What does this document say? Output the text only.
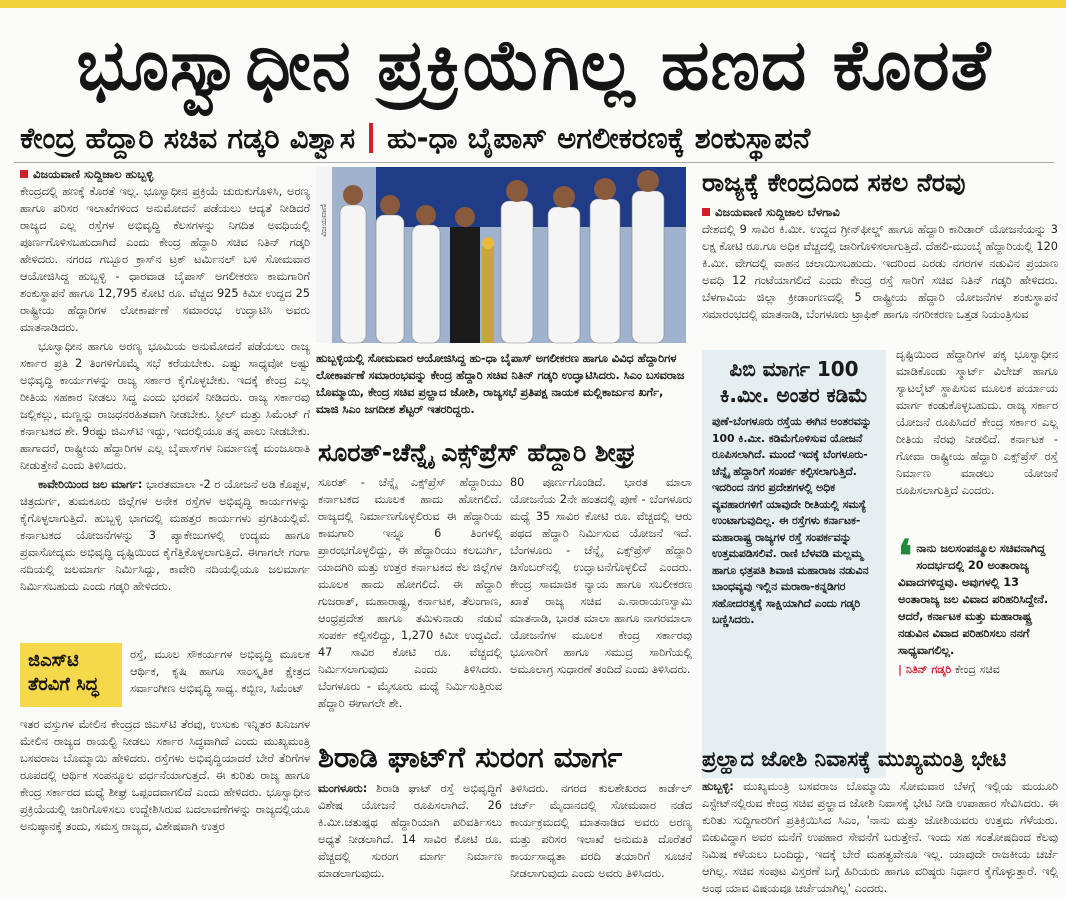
ಭೂಸ್ವಾಧೀನ ಪ್ರಕ್ರಿಯೆಗಿಲ್ಲ ಹಣದ ಕೊರತೆ
ಕೇಂದ್ರ ಹೆದ್ದಾರಿ ಸಚಿವ ಗಡ್ಕರಿ ವಿಶ್ವಾಸ ಹು-ಧಾ ಬೈಪಾಸ್ ಅಗಲೀಕರಣಕ್ಕೆ ಶಂಕುಸ್ಥಾಪನೆ
ವಿಜಯವಾಣಿ ಸುದ್ದಿಜಾಲ ಹುಬ್ಬಳ್ಳಿ

ಕೇಂದ್ರದಲ್ಲಿ ಹಣಕ್ಕೆ ಕೊರತೆ ಇಲ್ಲ. ಭೂಸ್ವಾಧೀನ ಪ್ರಕ್ರಿಯೆ ಚುರುಕುಗೊಳಿಸಿ, ಅರಣ್ಯ ಹಾಗೂ ಪರಿಸರ ಇಲಾಖೆಗಳಿಂದ ಅನುಮೋದನೆ ಪಡೆಯಲು ಆದ್ಯತೆ ನೀಡಿದರೆ ರಾಜ್ಯದ ಎಲ್ಲ ರಸ್ತೆಗಳ ಅಭಿವೃದ್ಧಿ ಕೆಲಸಗಳನ್ನು ನಿಗದಿತ ಅವಧಿಯಲ್ಲಿ ಪೂರ್ಣಗೊಳಿಸಬಹುದಾಗಿದೆ ಎಂದು ಕೇಂದ್ರ ಹೆದ್ದಾರಿ ಸಚಿವ ನಿತಿನ್ ಗಡ್ಕರಿ ಹೇಳಿದರು. ನಗರದ ಗಬ್ಬೂರ ಕ್ರಾಸ್‌ನ ಟ್ರಕ್ ಟರ್ಮಿನಲ್ ಬಳಿ ಸೋಮವಾರ ಆಯೋಜಿಸಿದ್ದ ಹುಬ್ಬಳ್ಳಿ - ಧಾರವಾಡ ಬೈಪಾಸ್ ಅಗಲೀಕರಣ ಕಾಮಗಾರಿಗೆ ಶಂಕುಸ್ಥಾಪನೆ ಹಾಗೂ 12,795 ಕೋಟಿ ರೂ. ವೆಚ್ಚದ 925 ಕಿಮೀ ಉದ್ದದ 25 ರಾಷ್ಟ್ರೀಯ ಹೆದ್ದಾರಿಗಳ ಲೋಕಾರ್ಪಣೆ ಸಮಾರಂಭ ಉದ್ಘಾಟಿಸಿ ಅವರು ಮಾತನಾಡಿದರು.

ಭೂಸ್ವಾಧೀನ ಹಾಗೂ ಅರಣ್ಯ ಭೂಮಿಯ ಅನುಮೋದನೆ ಪಡೆಯಲು ರಾಜ್ಯ ಸರ್ಕಾರ ಪ್ರತಿ 2 ತಿಂಗಳಿಗೊಮ್ಮೆ ಸಭೆ ಕರೆಯಬೇಕು. ಎಷ್ಟು ಸಾಧ್ಯವೋ ಅಷ್ಟು ಅಭಿವೃದ್ಧಿ ಕಾರ್ಯಗಳನ್ನು ರಾಜ್ಯ ಸರ್ಕಾರ ಕೈಗೊಳ್ಳಬೇಕು. ಇದಕ್ಕೆ ಕೇಂದ್ರ ಎಲ್ಲ ರೀತಿಯ ಸಹಕಾರ ನೀಡಲು ಸಿದ್ಧ ಎಂದು ಭರವಸೆ ನೀಡಿದರು. ರಾಜ್ಯ ಸರ್ಕಾರವು ಜಲ್ಲಿಕಲ್ಲು, ಮಣ್ಣನ್ನು ರಾಜಧನರಹಿತವಾಗಿ ನೀಡಬೇಕು. ಸ್ಟೀಲ್ ಮತ್ತು ಸಿಮೆಂಟ್ ಗೆ ಕರ್ನಾಟಕದ ಶೇ. 9ರಷ್ಟು ಜಿಎಸ್‌ಟಿ ಇದ್ದು, ಇದರಲ್ಲಿಯೂ ತನ್ನ ಪಾಲು ನೀಡಬೇಕು. ಹಾಗಾದರೆ, ರಾಷ್ಟ್ರೀಯ ಹೆದ್ದಾರಿಗಳ ಎಲ್ಲ ಬೈಪಾಸ್‌ಗಳ ನಿರ್ಮಾಣಕ್ಕೆ ಮಂಜೂರಾತಿ ನೀಡುತ್ತೇನೆ ಎಂದು ತಿಳಿಸಿದರು.

ಕಾವೇರಿಯಿಂದ ಜಲ ಮಾರ್ಗ: ಭಾರತಮಾಲಾ -2 ರ ಯೋಜನೆ ಅಡಿ ಕೊಪ್ಪಳ, ಚಿತ್ರದುರ್ಗ, ತುಮಕೂರು ಜಿಲ್ಲೆಗಳ ಅನೇಕ ರಸ್ತೆಗಳ ಅಭಿವೃದ್ಧಿ ಕಾರ್ಯಗಳನ್ನು ಕೈಗೊಳ್ಳಲಾಗುತ್ತಿದೆ. ಹುಬ್ಬಳ್ಳಿ ಭಾಗದಲ್ಲಿ ಮಹತ್ತರ ಕಾರ್ಯಗಳು ಪ್ರಗತಿಯಲ್ಲಿವೆ. ಕರ್ನಾಟಕದ ಯೋಜನೆಗಳನ್ನು 3 ಪ್ಯಾಕೇಜುಗಳಲ್ಲಿ ಉದ್ಯಮ ಹಾಗೂ ಪ್ರವಾಸೋದ್ಯಮ ಅಭಿವೃದ್ಧಿ ದೃಷ್ಟಿಯಿಂದ ಕೈಗೆತ್ತಿಕೊಳ್ಳಲಾಗುತ್ತಿದೆ. ಈಗಾಗಲೇ ಗಂಗಾ ನದಿಯಲ್ಲಿ ಜಲಮಾರ್ಗ ನಿರ್ಮಿಸಿದ್ದು, ಕಾವೇರಿ ನದಿಯಲ್ಲಿಯೂ ಜಲಮಾರ್ಗ ನಿರ್ಮಿಸಬಹುದು ಎಂದು ಗಡ್ಕರಿ ಹೇಳಿದರು.

ಜಿಎಸ್‌ಟಿ ತೆರವಿಗೆ ಸಿದ್ಧ
ರಸ್ತೆ, ಮೂಲ ಸೌಕರ್ಯಗಳ ಅಭಿವೃದ್ಧಿ ಮೂಲಕ ಆರ್ಥಿಕ, ಕೃಷಿ ಹಾಗೂ ಸಾಂಸ್ಕೃತಿಕ ಕ್ಷೇತ್ರದ ಸರ್ವಾಂಗೀಣ ಅಭಿವೃದ್ಧಿ ಸಾಧ್ಯ. ಕಬ್ಬಿಣ, ಸಿಮೆಂಟ್
ಇತರ ವಸ್ತುಗಳ ಮೇಲಿನ ಕೇಂದ್ರದ ಜಿಎಸ್‌ಟಿ ತೆರವು, ಉಸುಕು ಇನ್ನಿತರ ಖನಿಜಗಳ ಮೇಲಿನ ರಾಜ್ಯದ ರಾಯಲ್ಟಿ ನೀಡಲು ಸರ್ಕಾರ ಸಿದ್ಧವಾಗಿದೆ ಎಂದು ಮುಖ್ಯಮಂತ್ರಿ ಬಸವರಾಜ ಬೊಮ್ಮಾಯಿ ಹೇಳಿದರು. ರಸ್ತೆಗಳು ಅಭಿವೃದ್ಧಿಯಾದರೆ ಬೇರೆ ತೆರಿಗೆಗಳ ರೂಪದಲ್ಲಿ ಆರ್ಥಿಕ ಸಂಪನ್ಮೂಲ ವರ್ಧನೆಯಾಗುತ್ತದೆ. ಈ ಕುರಿತು ರಾಜ್ಯ ಹಾಗೂ ಕೇಂದ್ರ ಸರ್ಕಾರದ ಮಧ್ಯೆ ಶೀಘ್ರ ಒಪ್ಪಂದವಾಗಲಿದೆ ಎಂದು ಹೇಳಿದರು. ಭೂಸ್ವಾಧೀನ ಪ್ರಕ್ರಿಯೆಯಲ್ಲಿ ಜಾರಿಗೊಳಿಸಲು ಉದ್ದೇಶಿಸಿರುವ ಬದಲಾವಣೆಗಳನ್ನು ರಾಜ್ಯದಲ್ಲಿಯೂ ಅನುಷ್ಠಾನಕ್ಕೆ ತಂದು, ಸಮಸ್ತ ರಾಜ್ಯದ, ವಿಶೇಷವಾಗಿ ಉತ್ತರ
ವಿಜಯವಾಣಿ
ಹುಬ್ಬಳ್ಳಿಯಲ್ಲಿ ಸೋಮವಾರ ಆಯೋಜಿಸಿದ್ದ ಹು-ಧಾ ಬೈಪಾಸ್ ಅಗಲೀಕರಣ ಹಾಗೂ ವಿವಿಧ ಹೆದ್ದಾರಿಗಳ ಲೋಕಾರ್ಪಣೆ ಸಮಾರಂಭವನ್ನು ಕೇಂದ್ರ ಹೆದ್ದಾರಿ ಸಚಿವ ನಿತಿನ್ ಗಡ್ಕರಿ ಉದ್ಘಾಟಿಸಿದರು. ಸಿಎಂ ಬಸವರಾಜ ಬೊಮ್ಮಾಯಿ, ಕೇಂದ್ರ ಸಚಿವ ಪ್ರಲ್ಹಾದ ಜೋಶಿ, ರಾಜ್ಯಸಭೆ ಪ್ರತಿಪಕ್ಷ ನಾಯಕ ಮಲ್ಲಿಕಾರ್ಜುನ ಖರ್ಗೆ, ಮಾಜಿ ಸಿಎಂ ಜಗದೀಶ ಶೆಟ್ಟರ್ ಇತರರಿದ್ದರು.
ಸೂರತ್-ಚೆನ್ನೈ ಎಕ್ಸ್‌ಪ್ರೆಸ್ ಹೆದ್ದಾರಿ ಶೀಘ್ರ
ಸೂರತ್ - ಚೆನ್ನೈ ಎಕ್ಸ್‌ಪ್ರೆಸ್ ಹೆದ್ದಾರಿಯು ಕರ್ನಾಟಕದ ಮೂಲಕ ಹಾದು ಹೋಗಲಿದೆ. ರಾಜ್ಯದಲ್ಲಿ ನಿರ್ಮಾಣಗೊಳ್ಳಲಿರುವ ಈ ಹೆದ್ದಾರಿಯ ಕಾಮಗಾರಿ ಇನ್ನೂ 6 ತಿಂಗಳಲ್ಲಿ ಪ್ರಾರಂಭಗೊಳ್ಳಲಿದ್ದು, ಈ ಹೆದ್ದಾರಿಯು ಕಲಬುರ್ಗಿ, ಯಾದಗಿರಿ ಮತ್ತು ಉತ್ತರ ಕರ್ನಾಟಕದ ಕೆಲ ಜಿಲ್ಲೆಗಳ ಮೂಲಕ ಹಾದು ಹೋಗಲಿದೆ. ಈ ಹೆದ್ದಾರಿ ಗುಜರಾತ್, ಮಹಾರಾಷ್ಟ್ರ, ಕರ್ನಾಟಕ, ತೆಲಂಗಾಣ, ಆಂಧ್ರಪ್ರದೇಶ ಹಾಗೂ ತಮಿಳುನಾಡು ನಡುವೆ ಸಂಪರ್ಕ ಕಲ್ಪಿಸಲಿದ್ದು, 1,270 ಕಿಮೀ ಉದ್ದವಿದೆ. 47 ಸಾವಿರ ಕೋಟಿ ರೂ. ವೆಚ್ಚದಲ್ಲಿ ನಿರ್ಮಿಸಲಾಗುವುದು ಎಂದು ತಿಳಿಸಿದರು. ಬೆಂಗಳೂರು - ಮೈಸೂರು ಮಧ್ಯೆ ನಿರ್ಮಿಸುತ್ತಿರುವ ಹೆದ್ದಾರಿ ಈಗಾಗಲೇ ಶೇ.
80 ಪೂರ್ಣಗೊಂಡಿದೆ. ಭಾರತ ಮಾಲಾ ಯೋಜನೆಯ 2ನೇ ಹಂತದಲ್ಲಿ ಪುಣೆ - ಬೆಂಗಳೂರು ಮಧ್ಯೆ 35 ಸಾವಿರ ಕೋಟಿ ರೂ. ವೆಚ್ಚದಲ್ಲಿ ಆರು ಪಥದ ಹೆದ್ದಾರಿ ನಿರ್ಮಿಸುವ ಯೋಜನೆ ಇದೆ. ಬೆಂಗಳೂರು - ಚೆನ್ನೈ ಎಕ್ಸ್‌ಪ್ರೆಸ್ ಹೆದ್ದಾರಿ ಡಿಸೆಂಬರ್‌ನಲ್ಲಿ ಉದ್ಘಾಟನೆಗೊಳ್ಳಲಿದೆ ಎಂದರು. ಕೇಂದ್ರ ಸಾಮಾಜಿಕ ನ್ಯಾಯ ಹಾಗೂ ಸಬಲೀಕರಣ ಖಾತೆ ರಾಜ್ಯ ಸಚಿವ ಎ.ನಾರಾಯಣಸ್ವಾಮಿ ಮಾತನಾಡಿ, ಭಾರತ ಮಾಲಾ ಹಾಗೂ ನಾಗರಮಾಲಾ ಯೋಜನೆಗಳ ಮೂಲಕ ಕೇಂದ್ರ ಸರ್ಕಾರವು ಭೂಸಾರಿಗೆ ಹಾಗೂ ಸಮುದ್ರ ಸಾರಿಗೆಯಲ್ಲಿ ಅಮೂಲಾಗ್ರ ಸುಧಾರಣೆ ತಂದಿದೆ ಎಂದು ತಿಳಿಸಿದರು.
ಶಿರಾಡಿ ಘಾಟ್‌ಗೆ ಸುರಂಗ ಮಾರ್ಗ
ಮಂಗಳೂರು: ಶಿರಾಡಿ ಘಾಟ್ ರಸ್ತೆ ಅಭಿವೃದ್ಧಿಗೆ ವಿಶೇಷ ಯೋಜನೆ ರೂಪಿಸಲಾಗಿದೆ. 26 ಕಿ.ಮೀ.ಚತುಷ್ಪಥ ಹೆದ್ದಾರಿಯಾಗಿ ಪರಿವರ್ತಿಸಲು ಅಧ್ಯತೆ ನೀಡಲಾಗಿದೆ. 14 ಸಾವಿರ ಕೋಟಿ ರೂ. ವೆಚ್ಚದಲ್ಲಿ ಸುರಂಗ ಮಾರ್ಗ ನಿರ್ಮಾಣ ಮಾಡಲಾಗುವುದು.
ತಿಳಿಸಿದರು. ನಗರದ ಕುಲಶೇಖರದ ಕಾರ್ಡೆಲ್ ಚರ್ಚ್ ಮೈದಾನದಲ್ಲಿ ಸೋಮವಾರ ನಡೆದ ಕಾರ್ಯಕ್ರಮದಲ್ಲಿ ಮಾತನಾಡಿದ ಅವರು ಅರಣ್ಯ ಮತ್ತು ಪರಿಸರ ಇಲಾಖೆ ಅನುಮತಿ ದೊರೆತರೆ ಕಾರ್ಯಸಾಧ್ಯತಾ ವರದಿ ತಯಾರಿಗೆ ಸೂಚನೆ ನೀಡಲಾಗುವುದು ಎಂದು ಅವರು ತಿಳಿಸಿದರು.
ರಾಜ್ಯಕ್ಕೆ ಕೇಂದ್ರದಿಂದ ಸಕಲ ನೆರವು
ವಿಜಯವಾಣಿ ಸುದ್ದಿಜಾಲ ಬೆಳಗಾವಿ

ದೇಶದಲ್ಲಿ 9 ಸಾವಿರ ಕಿ.ಮೀ. ಉದ್ದದ ಗ್ರೀನ್‌ಫೀಲ್ಡ್ ಹಾಗೂ ಹೆದ್ದಾರಿ ಕಾರಿಡಾರ್ ಯೋಜನೆಯನ್ನು 3 ಲಕ್ಷ ಕೋಟಿ ರೂ.ಗೂ ಅಧಿಕ ವೆಚ್ಚದಲ್ಲಿ ಜಾರಿಗೊಳಿಸಲಾಗುತ್ತಿದೆ. ದೆಹಲಿ-ಮುಂಬೈ ಹೆದ್ದಾರಿಯಲ್ಲಿ 120 ಕಿ.ಮೀ. ವೇಗದಲ್ಲಿ ವಾಹನ ಚಲಾಯಿಸಬಹುದು. ಇದರಿಂದ ಎರಡು ನಗರಗಳ ನಡುವಿನ ಪ್ರಯಾಣ ಅವಧಿ 12 ಗಂಟೆಯಾಗಲಿದೆ ಎಂದು ಕೇಂದ್ರ ರಸ್ತೆ ಸಾರಿಗೆ ಸಚಿವ ನಿತಿನ್ ಗಡ್ಕರಿ ಹೇಳಿದರು. ಬೆಳಗಾವಿಯ ಜಿಲ್ಲಾ ಕ್ರೀಡಾಂಗಣದಲ್ಲಿ 5 ರಾಷ್ಟ್ರೀಯ ಹೆದ್ದಾರಿ ಯೋಜನೆಗಳ ಶಂಕುಸ್ಥಾಪನೆ ಸಮಾರಂಭದಲ್ಲಿ ಮಾತನಾಡಿ, ಬೆಂಗಳೂರು ಟ್ರಾಫಿಕ್ ಹಾಗೂ ನಗರೀಕರಣ ಒತ್ತಡ ನಿಯಂತ್ರಿಸುವ

ದೃಷ್ಟಿಯಿಂದ ಹೆದ್ದಾರಿಗಳ ಪಕ್ಕ ಭೂಸ್ವಾಧೀನ ಮಾಡಿಕೊಂಡು ಸ್ಮಾರ್ಟ್ ವಿಲೇಜ್ ಹಾಗೂ ಸ್ಯಾಟಲೈಟ್ ಸ್ಥಾಪಿಸುವ ಮೂಲಕ ಪರ್ಯಾಯ ಮಾರ್ಗ ಕಂಡುಕೊಳ್ಳಬಹುದು. ರಾಜ್ಯ ಸರ್ಕಾರ ಯೋಜನೆ ರೂಪಿಸಿದರೆ ಕೇಂದ್ರ ಸರ್ಕಾರ ಎಲ್ಲ ರೀತಿಯ ನೆರವು ನೀಡಲಿದೆ. ಕರ್ನಾಟಕ - ಗೋವಾ ರಾಷ್ಟ್ರೀಯ ಹೆದ್ದಾರಿ ಎಕ್ಸ್‌ಪ್ರೆಸ್ ರಸ್ತೆ ನಿರ್ಮಾಣ ಮಾಡಲು ಯೋಜನೆ ರೂಪಿಸಲಾಗುತ್ತಿದೆ ಎಂದರು.
ಪಿಬಿ ಮಾರ್ಗ 100 ಕಿ.ಮೀ. ಅಂತರ ಕಡಿಮೆ
ಪುಣೆ-ಬೆಂಗಳೂರು ರಸ್ತೆಯ ಈಗಿನ ಅಂತರವನ್ನು 100 ಕಿ.ಮೀ. ಕಡಿಮೆಗೊಳಿಸುವ ಯೋಜನೆ ರೂಪಿಸಲಾಗಿದೆ. ಮುಂದೆ ಇದಕ್ಕೆ ಬೆಂಗಳೂರು-ಚೆನ್ನೈ ಹೆದ್ದಾರಿಗೆ ಸಂಪರ್ಕ ಕಲ್ಪಿಸಲಾಗುತ್ತಿದೆ. ಇದರಿಂದ ನಗರ ಪ್ರದೇಶಗಳಲ್ಲಿ ಅಧಿಕ ವ್ಯವಹಾರಗಳಿಗೆ ಯಾವುದೇ ರೀತಿಯಲ್ಲಿ ಸಮಸ್ಯೆ ಉಂಟಾಗುವುದಿಲ್ಲ. ಈ ರಸ್ತೆಗಳು ಕರ್ನಾಟಕ-ಮಹಾರಾಷ್ಟ್ರ ರಾಜ್ಯಗಳ ರಸ್ತೆ ಸಂಪರ್ಕವನ್ನು ಉತ್ತಮಪಡಿಸಲಿವೆ. ರಾಣಿ ಬೆಳವಡಿ ಮಲ್ಲಮ್ಮ ಹಾಗೂ ಛತ್ರಪತಿ ಶಿವಾಜಿ ಮಹಾರಾಜ ನಡುವಿನ ಬಾಂಧವ್ಯವು ಇಲ್ಲಿನ ಮರಾಠಾ-ಕನ್ನಡಿಗರ ಸಹೋದರತ್ವಕ್ಕೆ ಸಾಕ್ಷಿಯಾಗಿದೆ ಎಂದು ಗಡ್ಕರಿ ಬಣ್ಣಿಸಿದರು.
❛ ನಾನು ಜಲಸಂಪನ್ಮೂಲ ಸಚಿವನಾಗಿದ್ದ ಸಂದರ್ಭದಲ್ಲಿ 20 ಅಂತಾರಾಜ್ಯ ವಿವಾದಗಳಿದ್ದವು. ಅವುಗಳಲ್ಲಿ 13 ಅಂತಾರಾಜ್ಯ ಜಲ ವಿವಾದ ಪರಿಹರಿಸಿದ್ದೇನೆ. ಆದರೆ, ಕರ್ನಾಟಕ ಮತ್ತು ಮಹಾರಾಷ್ಟ್ರ ನಡುವಿನ ವಿವಾದ ಪರಿಹರಿಸಲು ನನಗೆ ಸಾಧ್ಯವಾಗಲಿಲ್ಲ.
| ನಿತಿನ್ ಗಡ್ಕರಿ ಕೇಂದ್ರ ಸಚಿವ
ಪ್ರಲ್ಹಾದ ಜೋಶಿ ನಿವಾಸಕ್ಕೆ ಮುಖ್ಯಮಂತ್ರಿ ಭೇಟಿ
ಹುಬ್ಬಳ್ಳಿ: ಮುಖ್ಯಮಂತ್ರಿ ಬಸವರಾಜ ಬೊಮ್ಮಾಯಿ ಸೋಮವಾರ ಬೆಳಗ್ಗೆ ಇಲ್ಲಿಯ ಮಯೂರಿ ಎಸ್ಟೇಟ್‌ನಲ್ಲಿರುವ ಕೇಂದ್ರ ಸಚಿವ ಪ್ರಲ್ಹಾದ ಜೋಶಿ ನಿವಾಸಕ್ಕೆ ಭೇಟಿ ನೀಡಿ ಉಪಾಹಾರ ಸೇವಿಸಿದರು. ಈ ಕುರಿತು ಸುದ್ದಿಗಾರರಿಗೆ ಪ್ರತಿಕ್ರಿಯಿಸಿದ ಸಿಎಂ, 'ನಾನು ಮತ್ತು ಜೋಶಿಯವರು ಉತ್ತಮ ಗೆಳೆಯರು. ಬಿಡುವಿದ್ದಾಗ ಅವರ ಮನೆಗೆ ಉಪಹಾರ ಸೇವನೆಗೆ ಬರುತ್ತೇನೆ. ಇಂದು ಸಹ ಸಂತೋಷದಿಂದ ಕೆಲವು ನಿಮಿಷ ಕಳೆಯಲು ಬಂದಿದ್ದು, ಇದಕ್ಕೆ ಬೇರೆ ಮಹತ್ವವೇನೂ ಇಲ್ಲ. ಯಾವುದೇ ರಾಜಕೀಯ ಚರ್ಚೆ ಆಗಿಲ್ಲ. ಸಚಿವ ಸಂಪುಟ ವಿಸ್ತರಣೆ ಬಗ್ಗೆ ಹಿರಿಯರು ಹಾಗೂ ವರಿಷ್ಠರು ನಿರ್ಧಾರ ಕೈಗೊಳ್ಳುತ್ತಾರೆ. ಇಲ್ಲಿ ಅಂಥ ಯಾವ ವಿಷಯವೂ ಚರ್ಚೆಯಾಗಿಲ್ಲ' ಎಂದರು.
